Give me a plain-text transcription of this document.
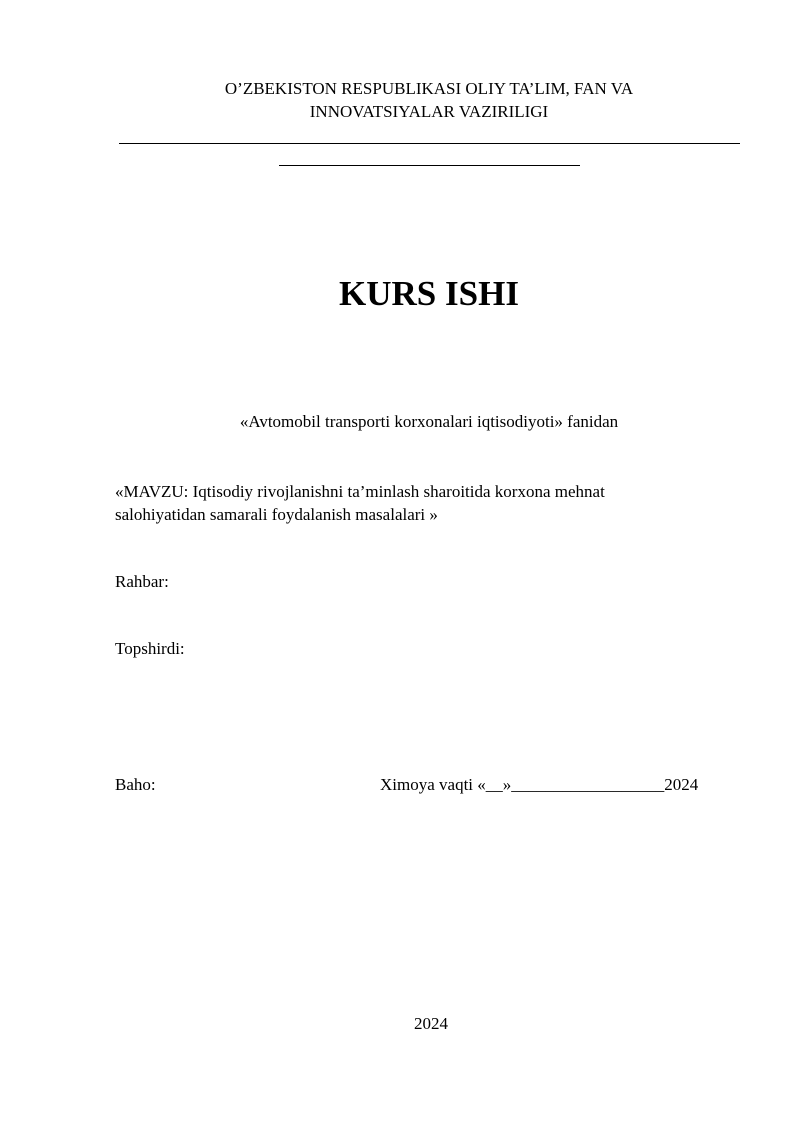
O’ZBEKISTON RESPUBLIKASI OLIY TA’LIM, FAN VA
INNOVATSIYALAR VAZIRILIGI

KURS ISHI

«Avtomobil transporti korxonalari iqtisodiyoti» fanidan

«MAVZU: Iqtisodiy rivojlanishni ta’minlash sharoitida korxona mehnat
salohiyatidan samarali foydalanish masalalari »

Rahbar:

Topshirdi:

Baho:	Ximoya vaqti «__»__________________2024

2024
